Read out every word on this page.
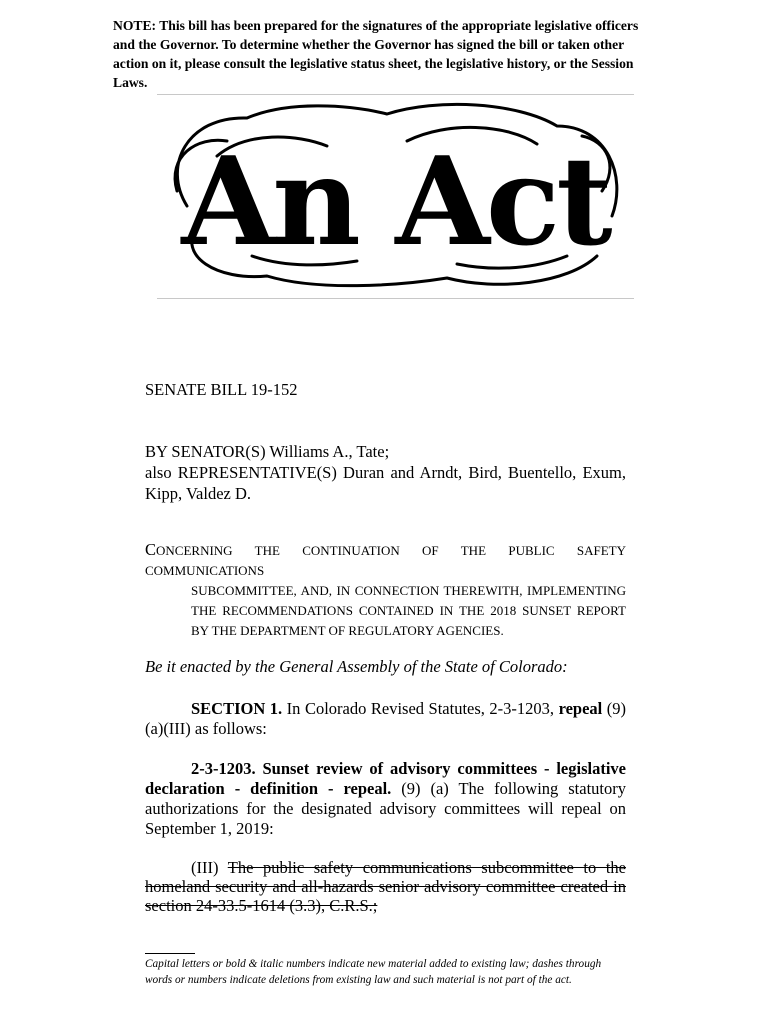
NOTE: This bill has been prepared for the signatures of the appropriate legislative officers and the Governor. To determine whether the Governor has signed the bill or taken other action on it, please consult the legislative status sheet, the legislative history, or the Session Laws.
An Act
SENATE BILL 19-152
BY SENATOR(S) Williams A., Tate;
also REPRESENTATIVE(S) Duran and Arndt, Bird, Buentello, Exum, Kipp, Valdez D.
CONCERNING THE CONTINUATION OF THE PUBLIC SAFETY COMMUNICATIONS
SUBCOMMITTEE, AND, IN CONNECTION THEREWITH, IMPLEMENTING THE RECOMMENDATIONS CONTAINED IN THE 2018 SUNSET REPORT BY THE DEPARTMENT OF REGULATORY AGENCIES.
Be it enacted by the General Assembly of the State of Colorado:
SECTION 1. In Colorado Revised Statutes, 2-3-1203, repeal (9)(a)(III) as follows:
2-3-1203. Sunset review of advisory committees - legislative declaration - definition - repeal. (9) (a) The following statutory authorizations for the designated advisory committees will repeal on September 1, 2019:
(III) The public safety communications subcommittee to the homeland security and all-hazards senior advisory committee created in section 24-33.5-1614 (3.3), C.R.S.;
Capital letters or bold & italic numbers indicate new material added to existing law; dashes through words or numbers indicate deletions from existing law and such material is not part of the act.
